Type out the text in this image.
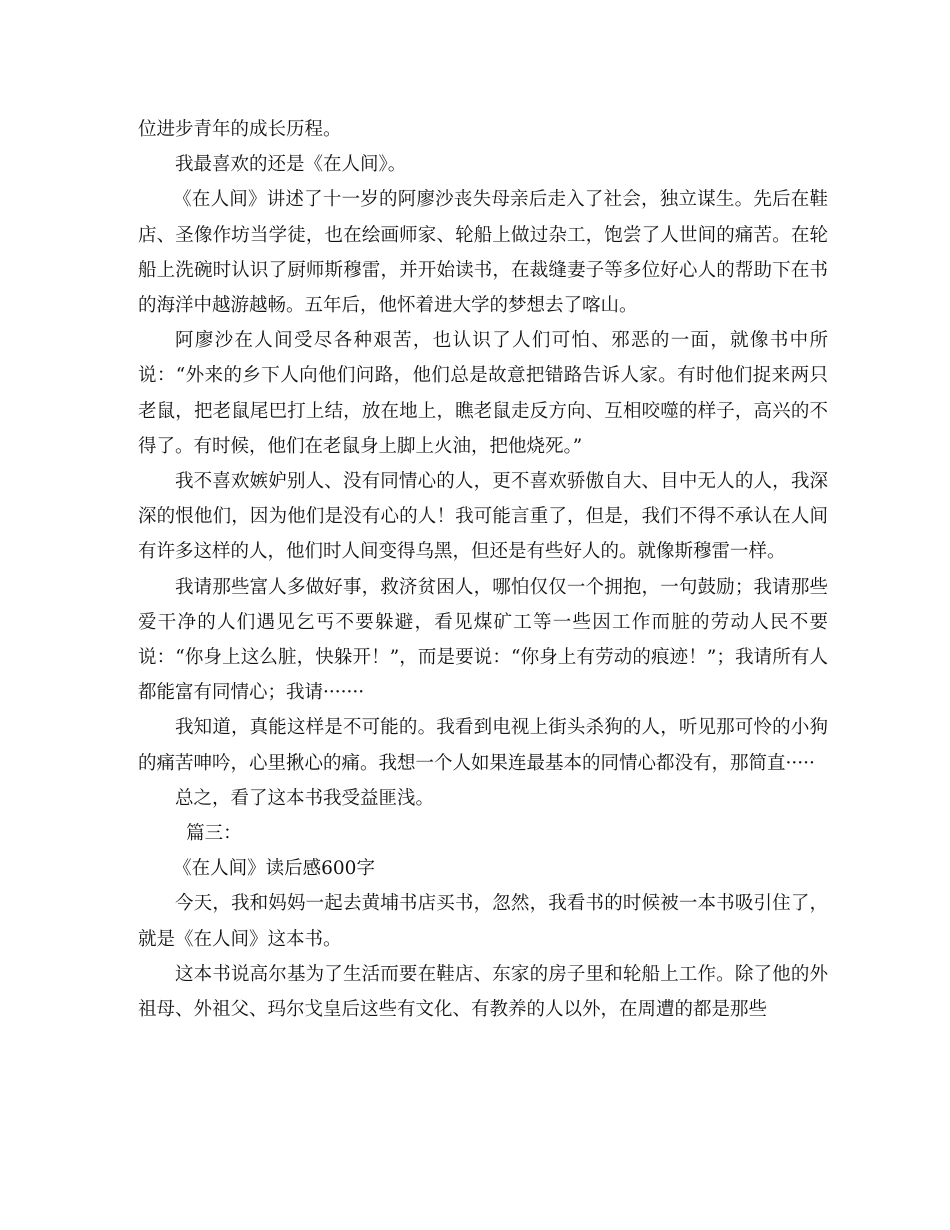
位进步青年的成长历程。

我最喜欢的还是《在人间》。

《在人间》讲述了十一岁的阿廖沙丧失母亲后走入了社会，独立谋生。先后在鞋店、圣像作坊当学徒，也在绘画师家、轮船上做过杂工，饱尝了人世间的痛苦。在轮船上洗碗时认识了厨师斯穆雷，并开始读书，在裁缝妻子等多位好心人的帮助下在书的海洋中越游越畅。五年后，他怀着进大学的梦想去了喀山。

阿廖沙在人间受尽各种艰苦，也认识了人们可怕、邪恶的一面，就像书中所说：“外来的乡下人向他们问路，他们总是故意把错路告诉人家。有时他们捉来两只老鼠，把老鼠尾巴打上结，放在地上，瞧老鼠走反方向、互相咬噬的样子，高兴的不得了。有时候，他们在老鼠身上脚上火油，把他烧死。”

我不喜欢嫉妒别人、没有同情心的人，更不喜欢骄傲自大、目中无人的人，我深深的恨他们，因为他们是没有心的人！我可能言重了，但是，我们不得不承认在人间有许多这样的人，他们时人间变得乌黑，但还是有些好人的。就像斯穆雷一样。

我请那些富人多做好事，救济贫困人，哪怕仅仅一个拥抱，一句鼓励；我请那些爱干净的人们遇见乞丐不要躲避，看见煤矿工等一些因工作而脏的劳动人民不要说：“你身上这么脏，快躲开！”，而是要说：“你身上有劳动的痕迹！”；我请所有人都能富有同情心；我请·······

我知道，真能这样是不可能的。我看到电视上街头杀狗的人，听见那可怜的小狗的痛苦呻吟，心里揪心的痛。我想一个人如果连最基本的同情心都没有，那简直·····

总之，看了这本书我受益匪浅。

篇三：

《在人间》读后感600字

今天，我和妈妈一起去黄埔书店买书，忽然，我看书的时候被一本书吸引住了，就是《在人间》这本书。

这本书说高尔基为了生活而要在鞋店、东家的房子里和轮船上工作。除了他的外祖母、外祖父、玛尔戈皇后这些有文化、有教养的人以外，在周遭的都是那些
